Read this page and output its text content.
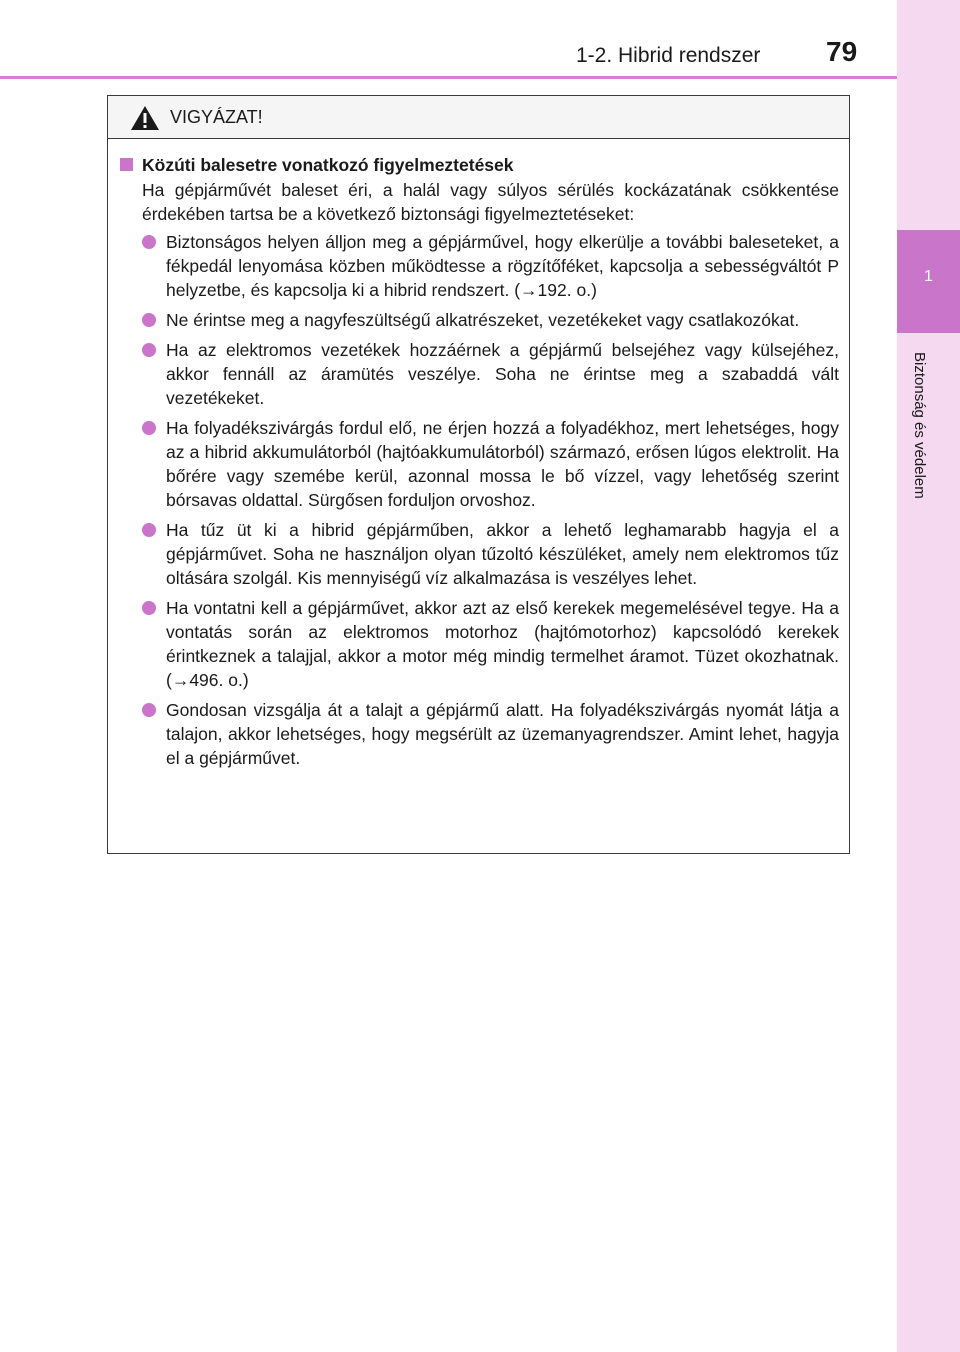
1-2. Hibrid rendszer 79
1
Biztonság és védelem
VIGYÁZAT!
Közúti balesetre vonatkozó figyelmeztetések
Ha gépjárművét baleset éri, a halál vagy súlyos sérülés kockázatának csökkentése érdekében tartsa be a következő biztonsági figyelmeztetéseket:
Biztonságos helyen álljon meg a gépjárművel, hogy elkerülje a további baleseteket, a fékpedál lenyomása közben működtesse a rögzítőféket, kapcsolja a sebességváltót P helyzetbe, és kapcsolja ki a hibrid rendszert. (→192. o.)
Ne érintse meg a nagyfeszültségű alkatrészeket, vezetékeket vagy csatlakozókat.
Ha az elektromos vezetékek hozzáérnek a gépjármű belsejéhez vagy külsejéhez, akkor fennáll az áramütés veszélye. Soha ne érintse meg a szabaddá vált vezetékeket.
Ha folyadékszivárgás fordul elő, ne érjen hozzá a folyadékhoz, mert lehetséges, hogy az a hibrid akkumulátorból (hajtóakkumulátorból) származó, erősen lúgos elektrolit. Ha bőrére vagy szemébe kerül, azonnal mossa le bő vízzel, vagy lehetőség szerint bórsavas oldattal. Sürgősen forduljon orvoshoz.
Ha tűz üt ki a hibrid gépjárműben, akkor a lehető leghamarabb hagyja el a gépjárművet. Soha ne használjon olyan tűzoltó készüléket, amely nem elektromos tűz oltására szolgál. Kis mennyiségű víz alkalmazása is veszélyes lehet.
Ha vontatni kell a gépjárművet, akkor azt az első kerekek megemelésével tegye. Ha a vontatás során az elektromos motorhoz (hajtómotorhoz) kapcsolódó kerekek érintkeznek a talajjal, akkor a motor még mindig termelhet áramot. Tüzet okozhatnak. (→496. o.)
Gondosan vizsgálja át a talajt a gépjármű alatt. Ha folyadékszivárgás nyomát látja a talajon, akkor lehetséges, hogy megsérült az üzemanyagrendszer. Amint lehet, hagyja el a gépjárművet.
